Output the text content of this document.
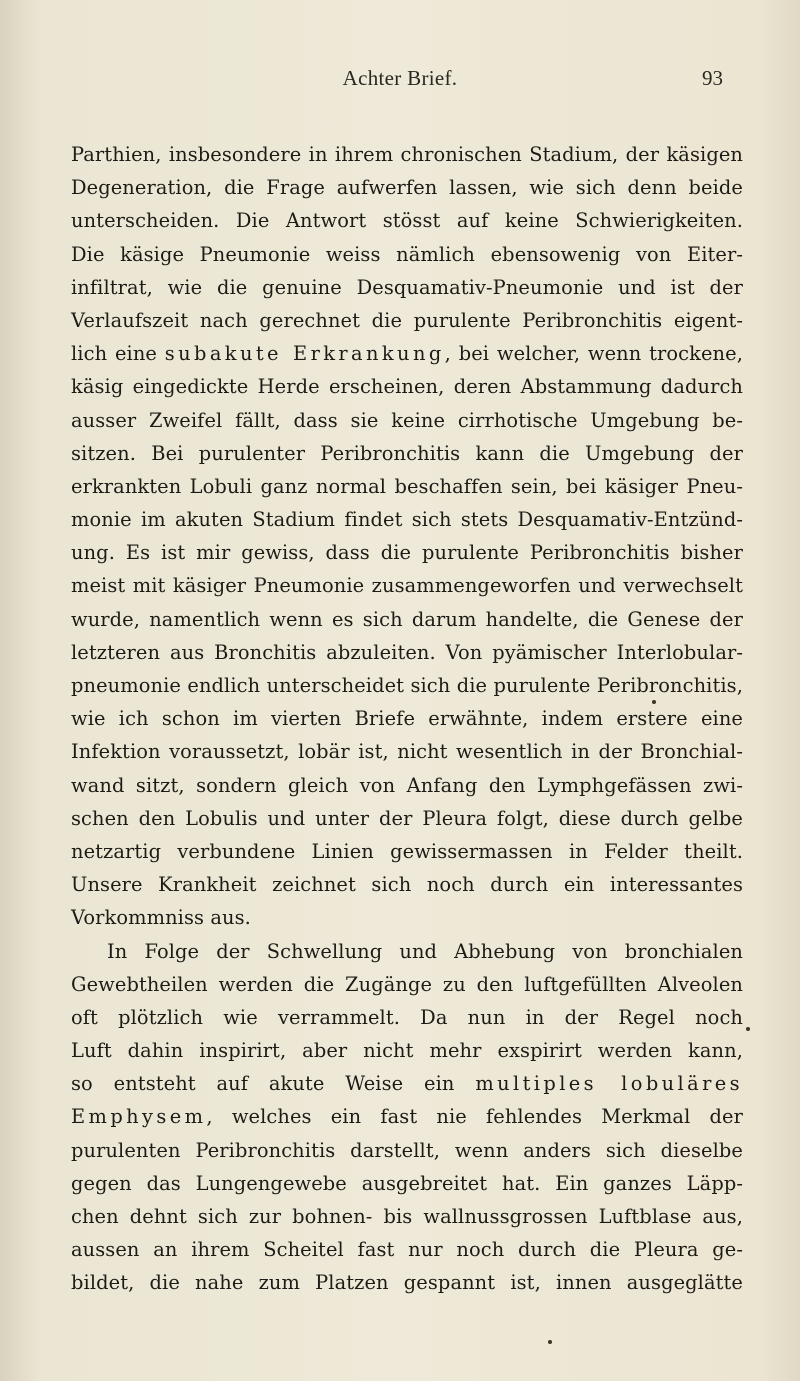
Achter Brief.	93
Parthien, insbesondere in ihrem chronischen Stadium, der käsigen
Degeneration, die Frage aufwerfen lassen, wie sich denn beide
unterscheiden. Die Antwort stösst auf keine Schwierigkeiten.
Die käsige Pneumonie weiss nämlich ebensowenig von Eiter-
infiltrat, wie die genuine Desquamativ-Pneumonie und ist der
Verlaufszeit nach gerechnet die purulente Peribronchitis eigent-
lich eine subakute Erkrankung, bei welcher, wenn trockene,
käsig eingedickte Herde erscheinen, deren Abstammung dadurch
ausser Zweifel fällt, dass sie keine cirrhotische Umgebung be-
sitzen. Bei purulenter Peribronchitis kann die Umgebung der
erkrankten Lobuli ganz normal beschaffen sein, bei käsiger Pneu-
monie im akuten Stadium findet sich stets Desquamativ-Entzünd-
ung. Es ist mir gewiss, dass die purulente Peribronchitis bisher
meist mit käsiger Pneumonie zusammengeworfen und verwechselt
wurde, namentlich wenn es sich darum handelte, die Genese der
letzteren aus Bronchitis abzuleiten. Von pyämischer Interlobular-
pneumonie endlich unterscheidet sich die purulente Peribronchitis,
wie ich schon im vierten Briefe erwähnte, indem erstere eine
Infektion voraussetzt, lobär ist, nicht wesentlich in der Bronchial-
wand sitzt, sondern gleich von Anfang den Lymphgefässen zwi-
schen den Lobulis und unter der Pleura folgt, diese durch gelbe
netzartig verbundene Linien gewissermassen in Felder theilt.
Unsere Krankheit zeichnet sich noch durch ein interessantes
Vorkommniss aus.
In Folge der Schwellung und Abhebung von bronchialen
Gewebtheilen werden die Zugänge zu den luftgefüllten Alveolen
oft plötzlich wie verrammelt. Da nun in der Regel noch
Luft dahin inspirirt, aber nicht mehr exspirirt werden kann,
so entsteht auf akute Weise ein multiples lobuläres
Emphysem, welches ein fast nie fehlendes Merkmal der
purulenten Peribronchitis darstellt, wenn anders sich dieselbe
gegen das Lungengewebe ausgebreitet hat. Ein ganzes Läpp-
chen dehnt sich zur bohnen- bis wallnussgrossen Luftblase aus,
aussen an ihrem Scheitel fast nur noch durch die Pleura ge-
bildet, die nahe zum Platzen gespannt ist, innen ausgeglätte
